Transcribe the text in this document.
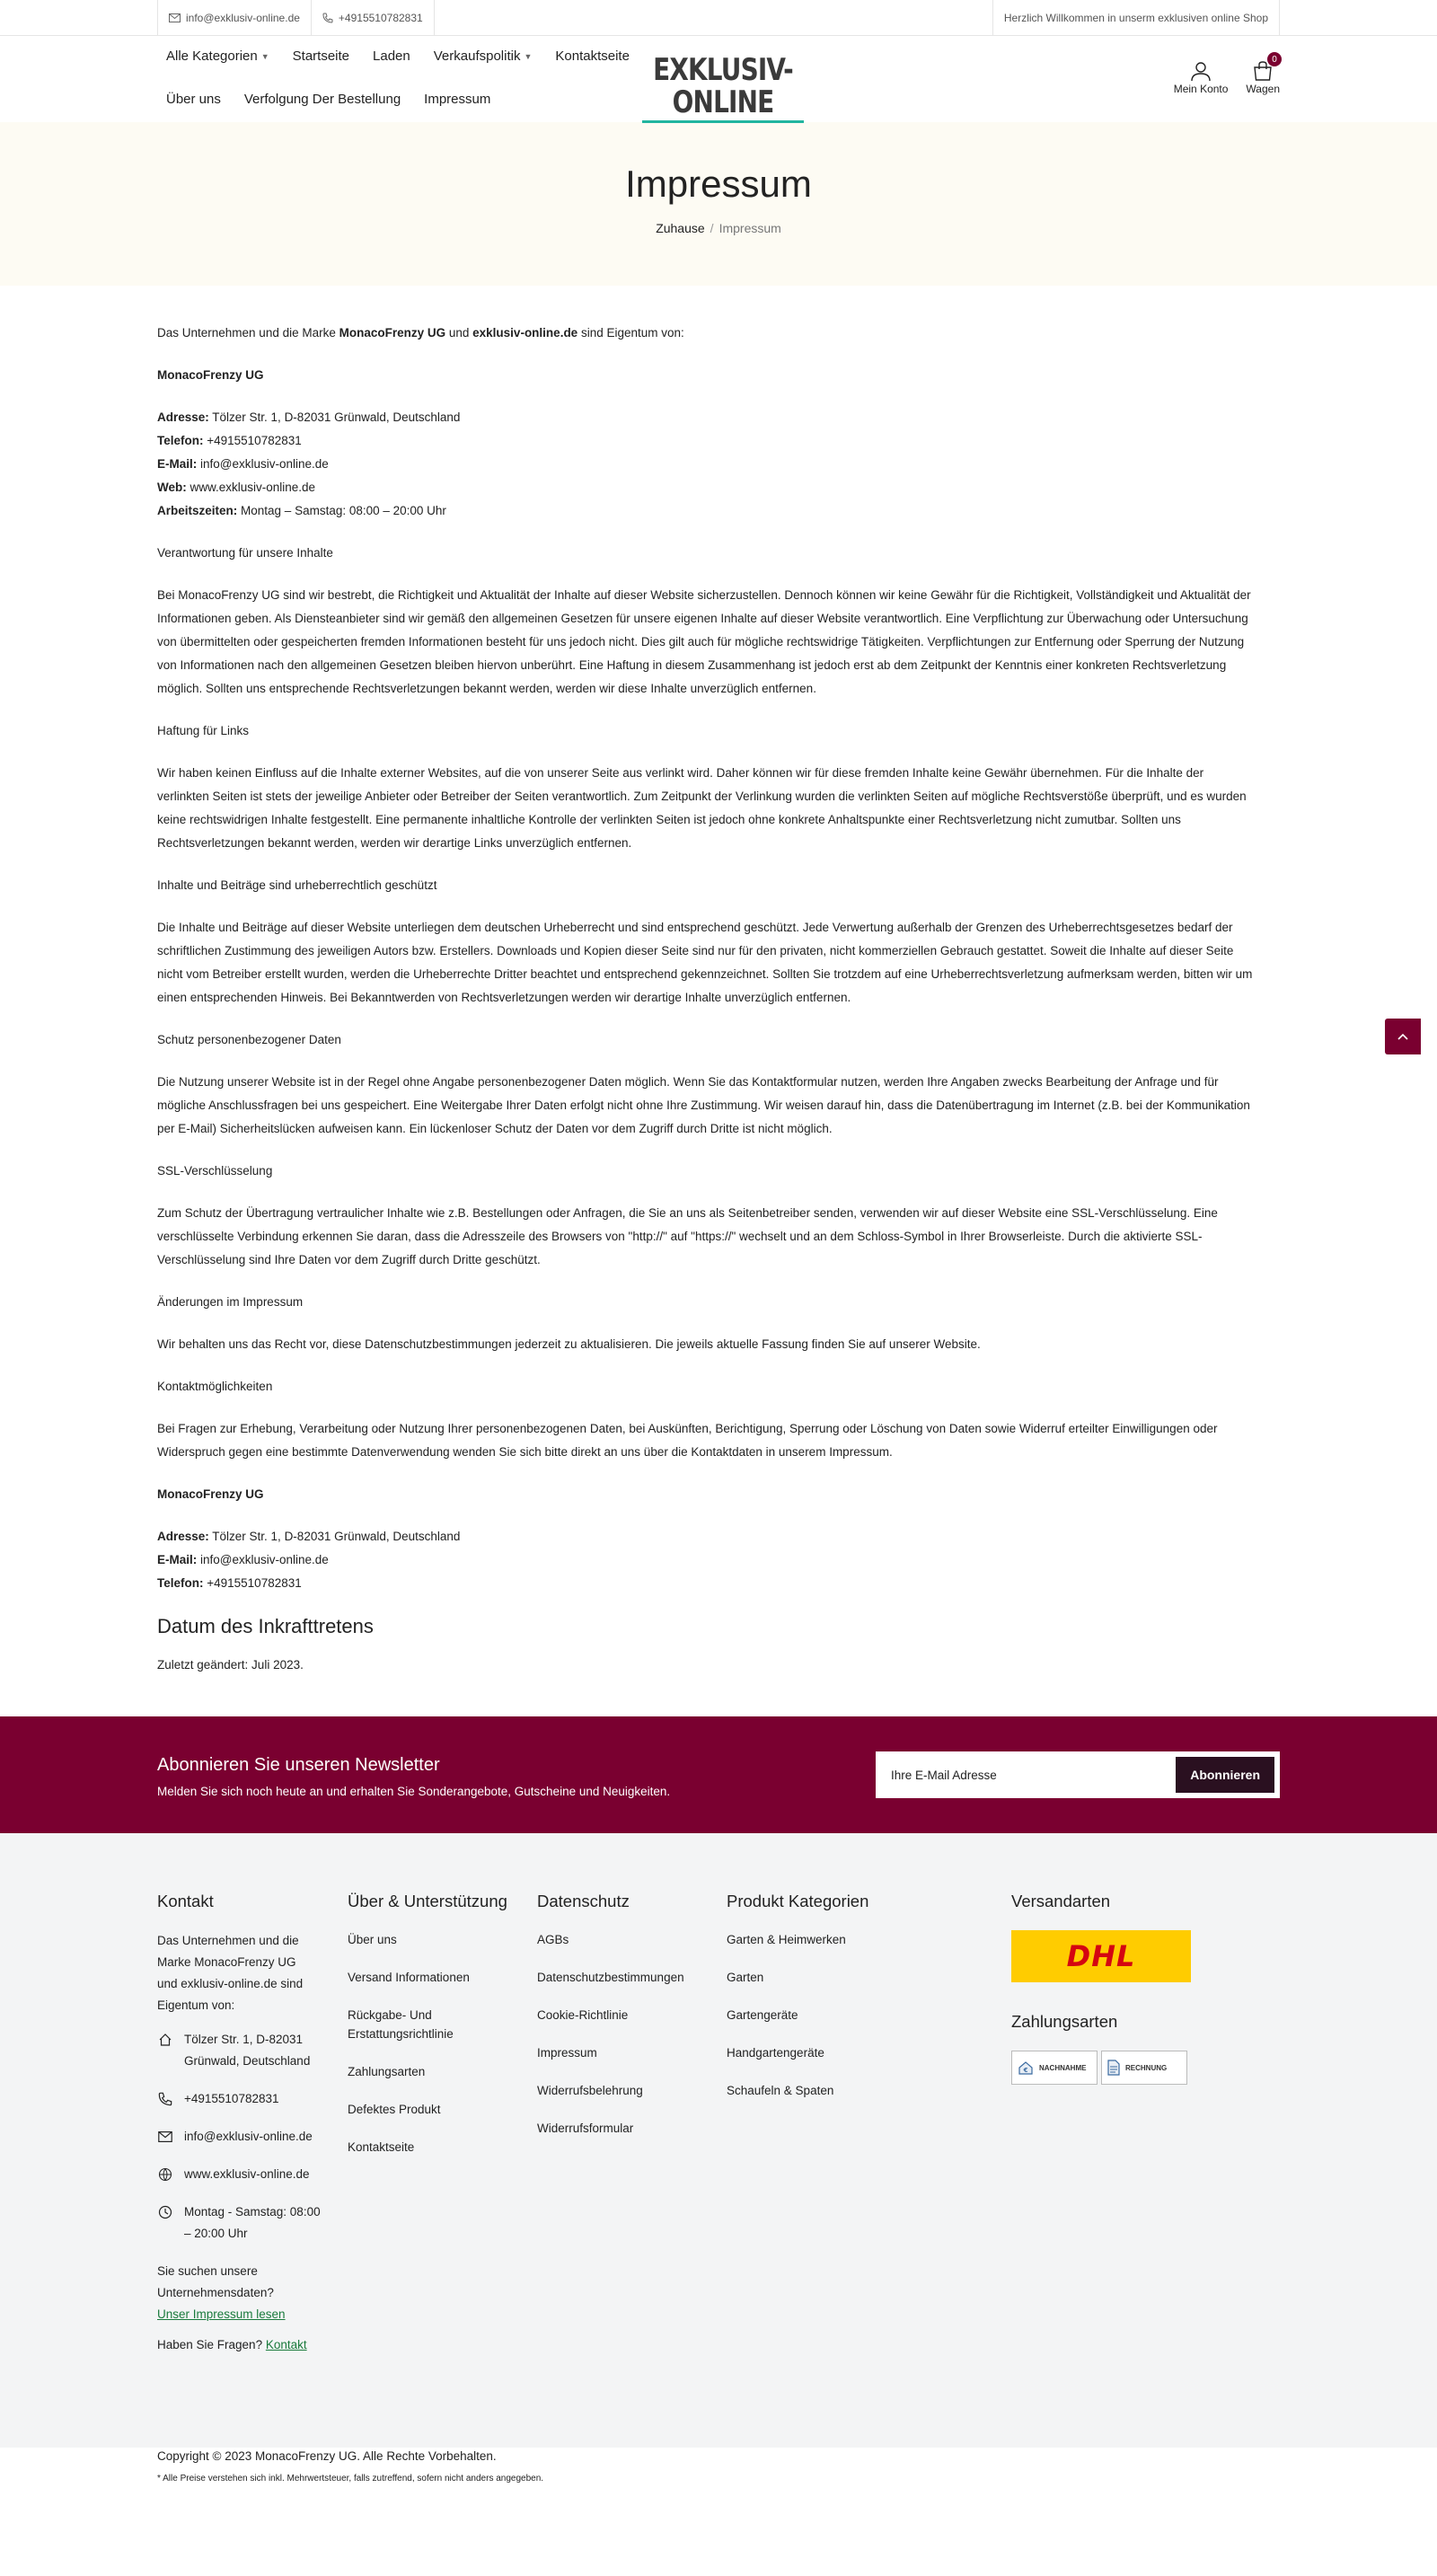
info@exklusiv-online.de	+4915510782831	Herzlich Willkommen in unserm exklusiven online Shop
Alle Kategorien ▼ Startseite Laden Verkaufspolitik ▼ Kontaktseite
Über uns Verfolgung Der Bestellung Impressum
EXKLUSIV-ONLINE	Mein Konto
0
Wagen
Impressum
Zuhause / Impressum

Das Unternehmen und die Marke MonacoFrenzy UG und exklusiv-online.de sind Eigentum von:

MonacoFrenzy UG

Adresse: Tölzer Str. 1, D-82031 Grünwald, Deutschland

Telefon: +4915510782831

E-Mail: info@exklusiv-online.de

Web: www.exklusiv-online.de

Arbeitszeiten: Montag – Samstag: 08:00 – 20:00 Uhr

Verantwortung für unsere Inhalte

Bei MonacoFrenzy UG sind wir bestrebt, die Richtigkeit und Aktualität der Inhalte auf dieser Website sicherzustellen. Dennoch können wir keine Gewähr für die Richtigkeit, Vollständigkeit und Aktualität der Informationen geben. Als Diensteanbieter sind wir gemäß den allgemeinen Gesetzen für unsere eigenen Inhalte auf dieser Website verantwortlich. Eine Verpflichtung zur Überwachung oder Untersuchung von übermittelten oder gespeicherten fremden Informationen besteht für uns jedoch nicht. Dies gilt auch für mögliche rechtswidrige Tätigkeiten. Verpflichtungen zur Entfernung oder Sperrung der Nutzung von Informationen nach den allgemeinen Gesetzen bleiben hiervon unberührt. Eine Haftung in diesem Zusammenhang ist jedoch erst ab dem Zeitpunkt der Kenntnis einer konkreten Rechtsverletzung möglich. Sollten uns entsprechende Rechtsverletzungen bekannt werden, werden wir diese Inhalte unverzüglich entfernen.

Haftung für Links

Wir haben keinen Einfluss auf die Inhalte externer Websites, auf die von unserer Seite aus verlinkt wird. Daher können wir für diese fremden Inhalte keine Gewähr übernehmen. Für die Inhalte der verlinkten Seiten ist stets der jeweilige Anbieter oder Betreiber der Seiten verantwortlich. Zum Zeitpunkt der Verlinkung wurden die verlinkten Seiten auf mögliche Rechtsverstöße überprüft, und es wurden keine rechtswidrigen Inhalte festgestellt. Eine permanente inhaltliche Kontrolle der verlinkten Seiten ist jedoch ohne konkrete Anhaltspunkte einer Rechtsverletzung nicht zumutbar. Sollten uns Rechtsverletzungen bekannt werden, werden wir derartige Links unverzüglich entfernen.

Inhalte und Beiträge sind urheberrechtlich geschützt

Die Inhalte und Beiträge auf dieser Website unterliegen dem deutschen Urheberrecht und sind entsprechend geschützt. Jede Verwertung außerhalb der Grenzen des Urheberrechtsgesetzes bedarf der schriftlichen Zustimmung des jeweiligen Autors bzw. Erstellers. Downloads und Kopien dieser Seite sind nur für den privaten, nicht kommerziellen Gebrauch gestattet. Soweit die Inhalte auf dieser Seite nicht vom Betreiber erstellt wurden, werden die Urheberrechte Dritter beachtet und entsprechend gekennzeichnet. Sollten Sie trotzdem auf eine Urheberrechtsverletzung aufmerksam werden, bitten wir um einen entsprechenden Hinweis. Bei Bekanntwerden von Rechtsverletzungen werden wir derartige Inhalte unverzüglich entfernen.

Schutz personenbezogener Daten

Die Nutzung unserer Website ist in der Regel ohne Angabe personenbezogener Daten möglich. Wenn Sie das Kontaktformular nutzen, werden Ihre Angaben zwecks Bearbeitung der Anfrage und für mögliche Anschlussfragen bei uns gespeichert. Eine Weitergabe Ihrer Daten erfolgt nicht ohne Ihre Zustimmung. Wir weisen darauf hin, dass die Datenübertragung im Internet (z.B. bei der Kommunikation per E-Mail) Sicherheitslücken aufweisen kann. Ein lückenloser Schutz der Daten vor dem Zugriff durch Dritte ist nicht möglich.

SSL-Verschlüsselung

Zum Schutz der Übertragung vertraulicher Inhalte wie z.B. Bestellungen oder Anfragen, die Sie an uns als Seitenbetreiber senden, verwenden wir auf dieser Website eine SSL-Verschlüsselung. Eine verschlüsselte Verbindung erkennen Sie daran, dass die Adresszeile des Browsers von "http://" auf "https://" wechselt und an dem Schloss-Symbol in Ihrer Browserleiste. Durch die aktivierte SSL-Verschlüsselung sind Ihre Daten vor dem Zugriff durch Dritte geschützt.

Änderungen im Impressum

Wir behalten uns das Recht vor, diese Datenschutzbestimmungen jederzeit zu aktualisieren. Die jeweils aktuelle Fassung finden Sie auf unserer Website.

Kontaktmöglichkeiten

Bei Fragen zur Erhebung, Verarbeitung oder Nutzung Ihrer personenbezogenen Daten, bei Auskünften, Berichtigung, Sperrung oder Löschung von Daten sowie Widerruf erteilter Einwilligungen oder Widerspruch gegen eine bestimmte Datenverwendung wenden Sie sich bitte direkt an uns über die Kontaktdaten in unserem Impressum.

MonacoFrenzy UG

Adresse: Tölzer Str. 1, D-82031 Grünwald, Deutschland

E-Mail: info@exklusiv-online.de

Telefon: +4915510782831

Datum des Inkrafttretens

Zuletzt geändert: Juli 2023.

Abonnieren Sie unseren Newsletter
Melden Sie sich noch heute an und erhalten Sie Sonderangebote, Gutscheine und Neuigkeiten.
Ihre E-Mail Adresse
Abonnieren
Kontakt
Das Unternehmen und die Marke MonacoFrenzy UG und exklusiv-online.de sind Eigentum von:
Tölzer Str. 1, D-82031 Grünwald, Deutschland
+4915510782831
info@exklusiv-online.de
www.exklusiv-online.de
Montag - Samstag: 08:00 – 20:00 Uhr
Sie suchen unsere Unternehmensdaten?
Unser Impressum lesen
Haben Sie Fragen? Kontakt
Über & Unterstützung
Über uns
Versand Informationen
Rückgabe- Und Erstattungsrichtlinie
Zahlungsarten
Defektes Produkt
Kontaktseite
Datenschutz
AGBs
Datenschutzbestimmungen
Cookie-Richtlinie
Impressum
Widerrufsbelehrung
Widerrufsformular
Produkt Kategorien
Garten & Heimwerken
Garten
Gartengeräte
Handgartengeräte
Schaufeln & Spaten
Versandarten
DHL
Zahlungsarten
€ NACHNAHME	RECHNUNG
Copyright © 2023 MonacoFrenzy UG. Alle Rechte Vorbehalten.
* Alle Preise verstehen sich inkl. Mehrwertsteuer, falls zutreffend, sofern nicht anders angegeben.
